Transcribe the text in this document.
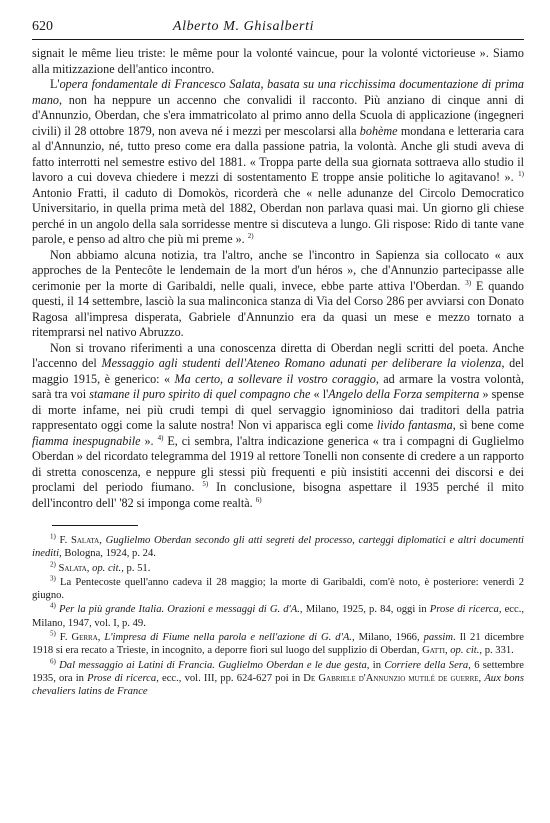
620	Alberto M. Ghisalberti

signait le même lieu triste: le même pour la volonté vaincue, pour la volonté victorieuse ». Siamo alla mitizzazione dell'antico incontro.

L'opera fondamentale di Francesco Salata, basata su una ricchissima documentazione di prima mano, non ha neppure un accenno che convalidi il racconto. Più anziano di cinque anni di d'Annunzio, Oberdan, che s'era immatricolato al primo anno della Scuola di applicazione (ingegneri civili) il 28 ottobre 1879, non aveva né i mezzi per mescolarsi alla bohème mondana e letteraria cara al d'Annunzio, né, tutto preso come era dalla passione patria, la volontà. Anche gli studi aveva di fatto interrotti nel semestre estivo del 1881. « Troppa parte della sua giornata sottraeva allo studio il lavoro a cui doveva chiedere i mezzi di sostentamento E troppe ansie politiche lo agitavano! ». $^{1)}$ Antonio Fratti, il caduto di Domokòs, ricorderà che « nelle adunanze del Circolo Democratico Universitario, in quella prima metà del 1882, Oberdan non parlava quasi mai. Un giorno gli chiese perché in un angolo della sala sorridesse mentre si discuteva a lungo. Gli rispose: Rido di tante vane parole, e penso ad altro che più mi preme ». $^{2)}$

Non abbiamo alcuna notizia, tra l'altro, anche se l'incontro in Sapienza sia collocato « aux approches de la Pentecôte le lendemain de la mort d'un héros », che d'Annunzio partecipasse alle cerimonie per la morte di Garibaldi, nelle quali, invece, ebbe parte attiva l'Oberdan. $^{3)}$ E quando questi, il 14 settembre, lasciò la sua malinconica stanza di Via del Corso 286 per avviarsi con Donato Ragosa all'impresa disperata, Gabriele d'Annunzio era da quasi un mese e mezzo tornato a ritemprarsi nel nativo Abruzzo.

Non si trovano riferimenti a una conoscenza diretta di Oberdan negli scritti del poeta. Anche l'accenno del Messaggio agli studenti dell'Ateneo Romano adunati per deliberare la violenza, del maggio 1915, è generico: « Ma certo, a sollevare il vostro coraggio, ad armare la vostra volontà, sarà tra voi stamane il puro spirito di quel compagno che « l'Angelo della Forza sempiterna » spense di morte infame, nei più crudi tempi di quel servaggio ignominioso dai traditori della patria rappresentato oggi come la salute nostra! Non vi apparisca egli come livido fantasma, sì bene come fiamma inespugnabile ». $^{4)}$ E, ci sembra, l'altra indicazione generica « tra i compagni di Guglielmo Oberdan » del ricordato telegramma del 1919 al rettore Tonelli non consente di credere a un rapporto di stretta conoscenza, e neppure gli stessi più frequenti e più insistiti accenni dei discorsi e dei proclami del periodo fiumano. $^{5)}$ In conclusione, bisogna aspettare il 1935 perché il mito dell'incontro dell' '82 si imponga come realtà. $^{6)}$

$^{1)}$ F. Salata, Guglielmo Oberdan secondo gli atti segreti del processo, carteggi diplomatici e altri documenti inediti, Bologna, 1924, p. 24.

$^{2)}$ Salata, op. cit., p. 51.

$^{3)}$ La Pentecoste quell'anno cadeva il 28 maggio; la morte di Garibaldi, com'è noto, è posteriore: venerdì 2 giugno.

$^{4)}$ Per la più grande Italia. Orazioni e messaggi di G. d'A., Milano, 1925, p. 84, oggi in Prose di ricerca, ecc., Milano, 1947, vol. I, p. 49.

$^{5)}$ F. Gerra, L'impresa di Fiume nella parola e nell'azione di G. d'A., Milano, 1966, passim. Il 21 dicembre 1918 si era recato a Trieste, in incognito, a deporre fiori sul luogo del supplizio di Oberdan, Gatti, op. cit., p. 331.

$^{6)}$ Dal messaggio ai Latini di Francia. Guglielmo Oberdan e le due gesta, in Corriere della Sera, 6 settembre 1935, ora in Prose di ricerca, ecc., vol. III, pp. 624-627 poi in De Gabriele d'Annunzio mutilé de guerre, Aux bons chevaliers latins de France
